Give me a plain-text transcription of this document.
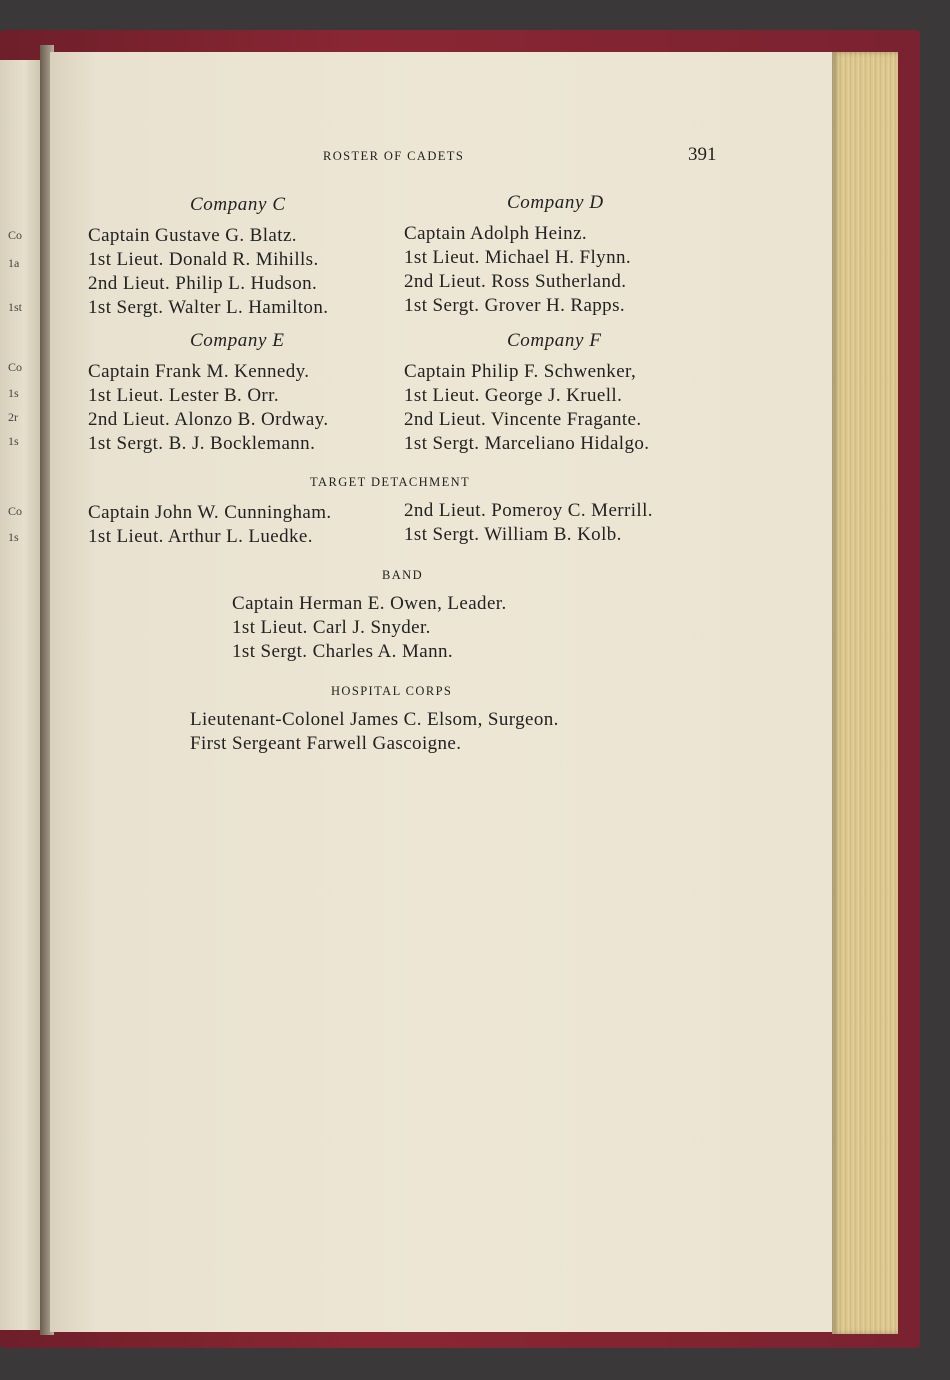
Co
1a
1st
Co
1s
2r
1s
Co
1s
ROSTER OF CADETS	391
Company C
Captain Gustave G. Blatz.
1st Lieut. Donald R. Mihills.
2nd Lieut. Philip L. Hudson.
1st Sergt. Walter L. Hamilton.
Company D
Captain Adolph Heinz.
1st Lieut. Michael H. Flynn.
2nd Lieut. Ross Sutherland.
1st Sergt. Grover H. Rapps.
Company E
Captain Frank M. Kennedy.
1st Lieut. Lester B. Orr.
2nd Lieut. Alonzo B. Ordway.
1st Sergt. B. J. Bocklemann.
Company F
Captain Philip F. Schwenker,
1st Lieut. George J. Kruell.
2nd Lieut. Vincente Fragante.
1st Sergt. Marceliano Hidalgo.
TARGET DETACHMENT
Captain John W. Cunningham.
1st Lieut. Arthur L. Luedke.
2nd Lieut. Pomeroy C. Merrill.
1st Sergt. William B. Kolb.
BAND
Captain Herman E. Owen, Leader.
1st Lieut. Carl J. Snyder.
1st Sergt. Charles A. Mann.
HOSPITAL CORPS
Lieutenant-Colonel James C. Elsom, Surgeon.
First Sergeant Farwell Gascoigne.
